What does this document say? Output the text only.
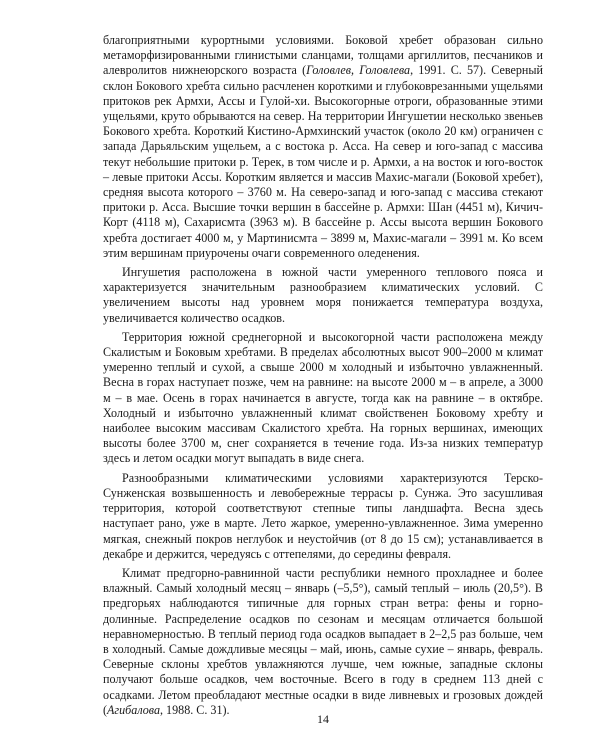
благоприятными курортными условиями. Боковой хребет образован сильно метаморфизированными глинистыми сланцами, толщами аргиллитов, песчаников и алевролитов нижнеюрского возраста (Головлев, Головлева, 1991. С. 57). Северный склон Бокового хребта сильно расчленен короткими и глубоковрезанными ущельями притоков рек Армхи, Ассы и Гулой-хи. Высокогорные отроги, образованные этими ущельями, круто обрываются на север. На территории Ингушетии несколько звеньев Бокового хребта. Короткий Кистино-Армхинский участок (около 20 км) ограничен с запада Дарьяльским ущельем, а с востока р. Асса. На север и юго-запад с массива текут небольшие притоки р. Терек, в том числе и р. Армхи, а на восток и юго-восток – левые притоки Ассы. Коротким является и массив Махис-магали (Боковой хребет), средняя высота которого – 3760 м. На северо-запад и юго-запад с массива стекают притоки р. Асса. Высшие точки вершин в бассейне р. Армхи: Шан (4451 м), Кичич-Корт (4118 м), Сахарисмта (3963 м). В бассейне р. Ассы высота вершин Бокового хребта достигает 4000 м, у Мартинисмта – 3899 м, Махис-магали – 3991 м. Ко всем этим вершинам приурочены очаги современного оледенения.

Ингушетия расположена в южной части умеренного теплового пояса и характеризуется значительным разнообразием климатических условий. С увеличением высоты над уровнем моря понижается температура воздуха, увеличивается количество осадков.

Территория южной среднегорной и высокогорной части расположена между Скалистым и Боковым хребтами. В пределах абсолютных высот 900–2000 м климат умеренно теплый и сухой, а свыше 2000 м холодный и избыточно увлажненный. Весна в горах наступает позже, чем на равнине: на высоте 2000 м – в апреле, а 3000 м – в мае. Осень в горах начинается в августе, тогда как на равнине – в октябре. Холодный и избыточно увлажненный климат свойственен Боковому хребту и наиболее высоким массивам Скалистого хребта. На горных вершинах, имеющих высоты более 3700 м, снег сохраняется в течение года. Из-за низких температур здесь и летом осадки могут выпадать в виде снега.

Разнообразными климатическими условиями характеризуются Терско-Сунженская возвышенность и левобережные террасы р. Сунжа. Это засушливая территория, которой соответствуют степные типы ландшафта. Весна здесь наступает рано, уже в марте. Лето жаркое, умеренно-увлажненное. Зима умеренно мягкая, снежный покров неглубок и неустойчив (от 8 до 15 см); устанавливается в декабре и держится, чередуясь с оттепелями, до середины февраля.

Климат предгорно-равнинной части республики немного прохладнее и более влажный. Самый холодный месяц – январь (–5,5°), самый теплый – июль (20,5°). В предгорьях наблюдаются типичные для горных стран ветра: фены и горно-долинные. Распределение осадков по сезонам и месяцам отличается большой неравномерностью. В теплый период года осадков выпадает в 2–2,5 раз больше, чем в холодный. Самые дождливые месяцы – май, июнь, самые сухие – январь, февраль. Северные склоны хребтов увлажняются лучше, чем южные, западные склоны получают больше осадков, чем восточные. Всего в году в среднем 113 дней с осадками. Летом преобладают местные осадки в виде ливневых и грозовых дождей (Агибалова, 1988. С. 31).

14
